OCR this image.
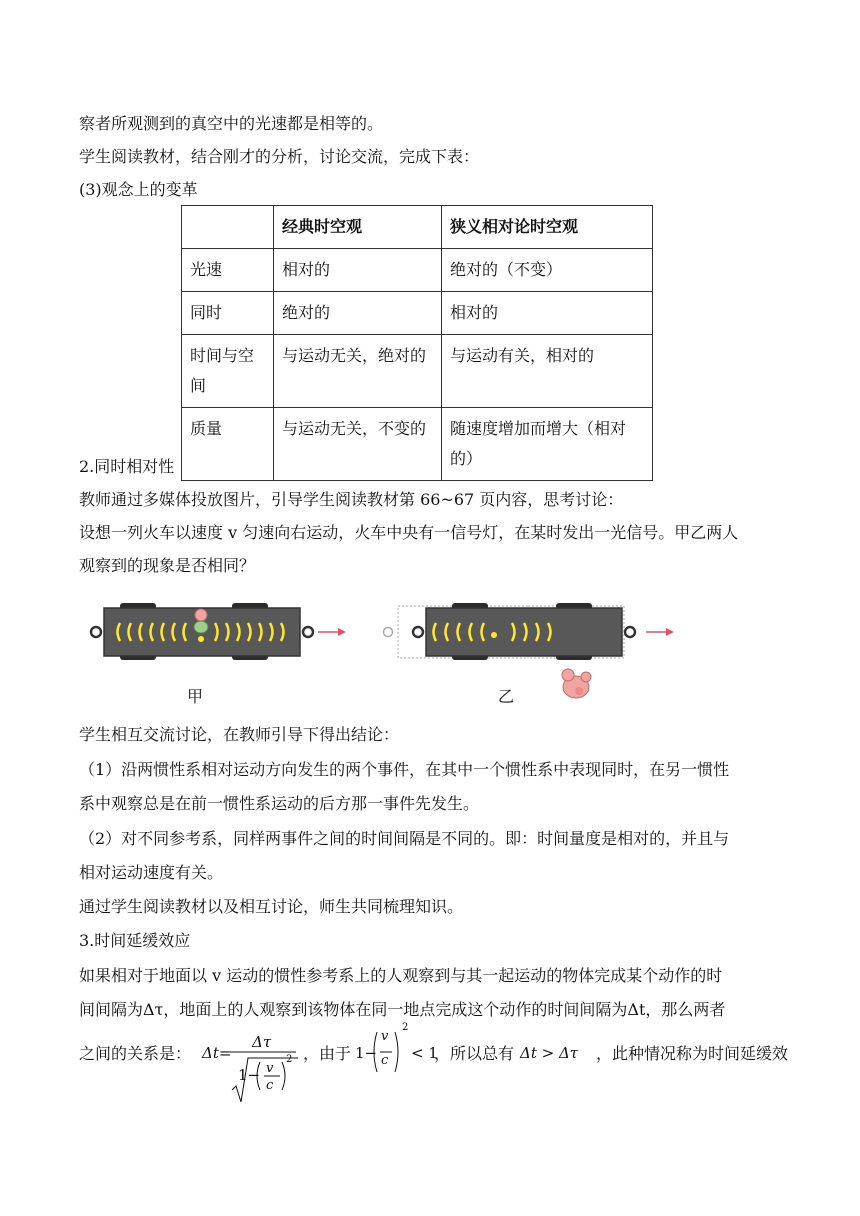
察者所观测到的真空中的光速都是相等的。
学生阅读教材，结合刚才的分析，讨论交流，完成下表：
(3)观念上的变革
	经典时空观	狭义相对论时空观
光速	相对的	绝对的（不变）
同时	绝对的	相对的
时间与空间	与运动无关，绝对的	与运动有关，相对的
质量	与运动无关，不变的	随速度增加而增大（相对的）
2.同时相对性
教师通过多媒体投放图片，引导学生阅读教材第 66~67 页内容，思考讨论：
设想一列火车以速度 v 匀速向右运动，火车中央有一信号灯，在某时发出一光信号。甲乙两人
观察到的现象是否相同？
甲	乙
学生相互交流讨论，在教师引导下得出结论：
（1）沿两惯性系相对运动方向发生的两个事件，在其中一个惯性系中表现同时，在另一惯性
系中观察总是在前一惯性系运动的后方那一事件先发生。
（2）对不同参考系，同样两事件之间的时间间隔是不同的。即：时间量度是相对的，并且与
相对运动速度有关。
通过学生阅读教材以及相互讨论，师生共同梳理知识。
3.时间延缓效应
如果相对于地面以 v 运动的惯性参考系上的人观察到与其一起运动的物体完成某个动作的时
间间隔为Δτ，地面上的人观察到该物体在同一地点完成这个动作的时间间隔为Δt，那么两者
之间的关系是： Δt=
Δτ
1− v
c
2 ，由于 1−
v
c
2
< 1
，所以总有 Δt > Δτ ，此种情况称为时间延缓效
